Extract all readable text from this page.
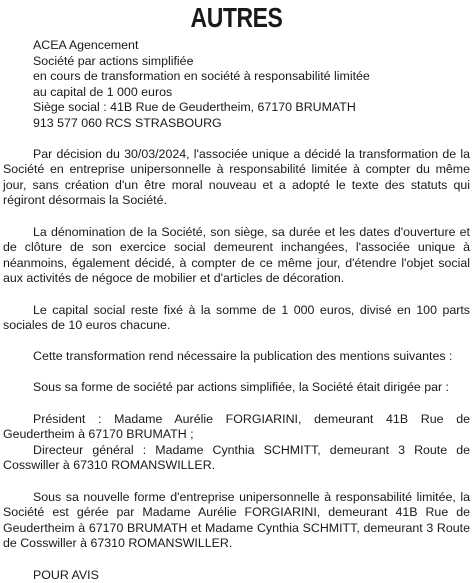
AUTRES
ACEA Agencement
Société par actions simplifiée
en cours de transformation en société à responsabilité limitée
au capital de 1 000 euros
Siège social : 41B Rue de Geudertheim, 67170 BRUMATH
913 577 060 RCS STRASBOURG

Par décision du 30/03/2024, l'associée unique a décidé la transformation de la Société en entreprise unipersonnelle à responsabilité limitée à compter du même jour, sans création d'un être moral nouveau et a adopté le texte des statuts qui régiront désormais la Société.

La dénomination de la Société, son siège, sa durée et les dates d'ouverture et de clôture de son exercice social demeurent inchangées, l'associée unique à néanmoins, également décidé, à compter de ce même jour, d'étendre l'objet social aux activités de négoce de mobilier et d'articles de décoration.

Le capital social reste fixé à la somme de 1 000 euros, divisé en 100 parts sociales de 10 euros chacune.

Cette transformation rend nécessaire la publication des mentions suivantes :

Sous sa forme de société par actions simplifiée, la Société était dirigée par :

Président : Madame Aurélie FORGIARINI, demeurant 41B Rue de Geudertheim à 67170 BRUMATH ;

Directeur général : Madame Cynthia SCHMITT, demeurant 3 Route de Cosswiller à 67310 ROMANSWILLER.

Sous sa nouvelle forme d'entreprise unipersonnelle à responsabilité limitée, la Société est gérée par Madame Aurélie FORGIARINI, demeurant 41B Rue de Geudertheim à 67170 BRUMATH et Madame Cynthia SCHMITT, demeurant 3 Route de Cosswiller à 67310 ROMANSWILLER.

POUR AVIS
